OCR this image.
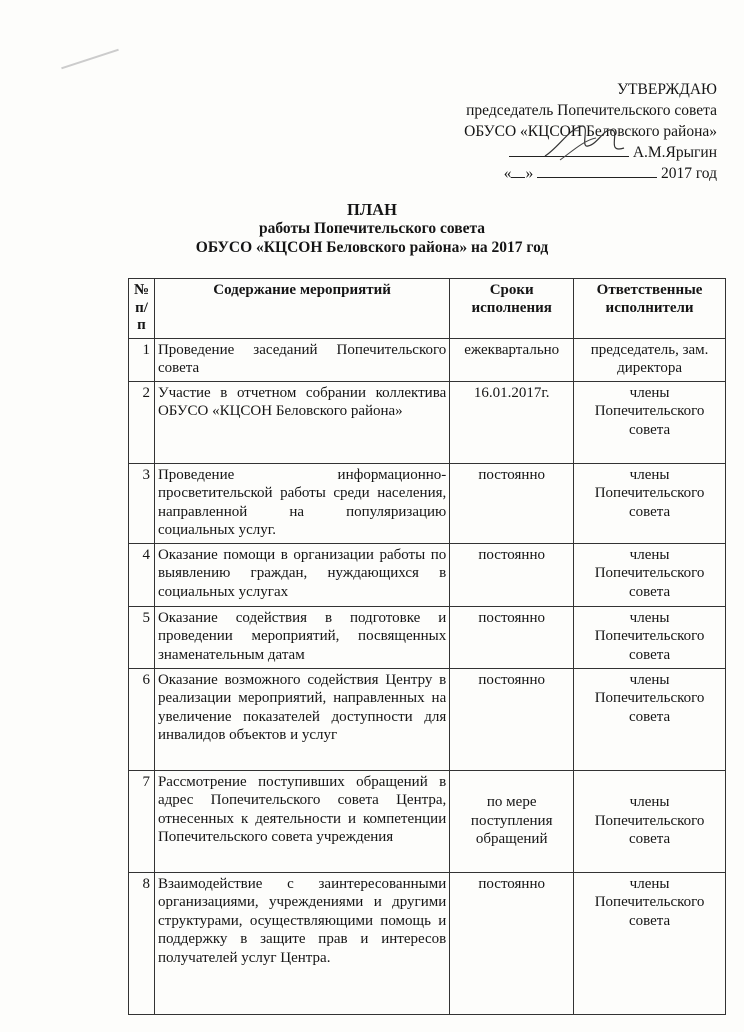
УТВЕРЖДАЮ
председатель Попечительского совета
ОБУСО «КЦСОН Беловского района»
А.М.Ярыгин
« »	2017 год
ПЛАН
работы Попечительского совета
ОБУСО «КЦСОН Беловского района» на 2017 год
№ п/п	Содержание мероприятий	Сроки исполнения	Ответственные исполнители
1	Проведение заседаний Попечительского совета	ежеквартально	председатель, зам. директора
2	Участие в отчетном собрании коллектива ОБУСО «КЦСОН Беловского района»	16.01.2017г.	члены Попечительского совета
3	Проведение информационно-просветительской работы среди населения, направленной на популяризацию социальных услуг.	постоянно	члены Попечительского совета
4	Оказание помощи в организации работы по выявлению граждан, нуждающихся в социальных услугах	постоянно	члены Попечительского совета
5	Оказание содействия в подготовке и проведении мероприятий, посвященных знаменательным датам	постоянно	члены Попечительского совета
6	Оказание возможного содействия Центру в реализации мероприятий, направленных на увеличение показателей доступности для инвалидов объектов и услуг	постоянно	члены Попечительского совета
7	Рассмотрение поступивших обращений в адрес Попечительского совета Центра, отнесенных к деятельности и компетенции Попечительского совета учреждения	по мере поступления обращений	члены Попечительского совета
8	Взаимодействие с заинтересованными организациями, учреждениями и другими структурами, осуществляющими помощь и поддержку в защите прав и интересов получателей услуг Центра.	постоянно	члены Попечительского совета
